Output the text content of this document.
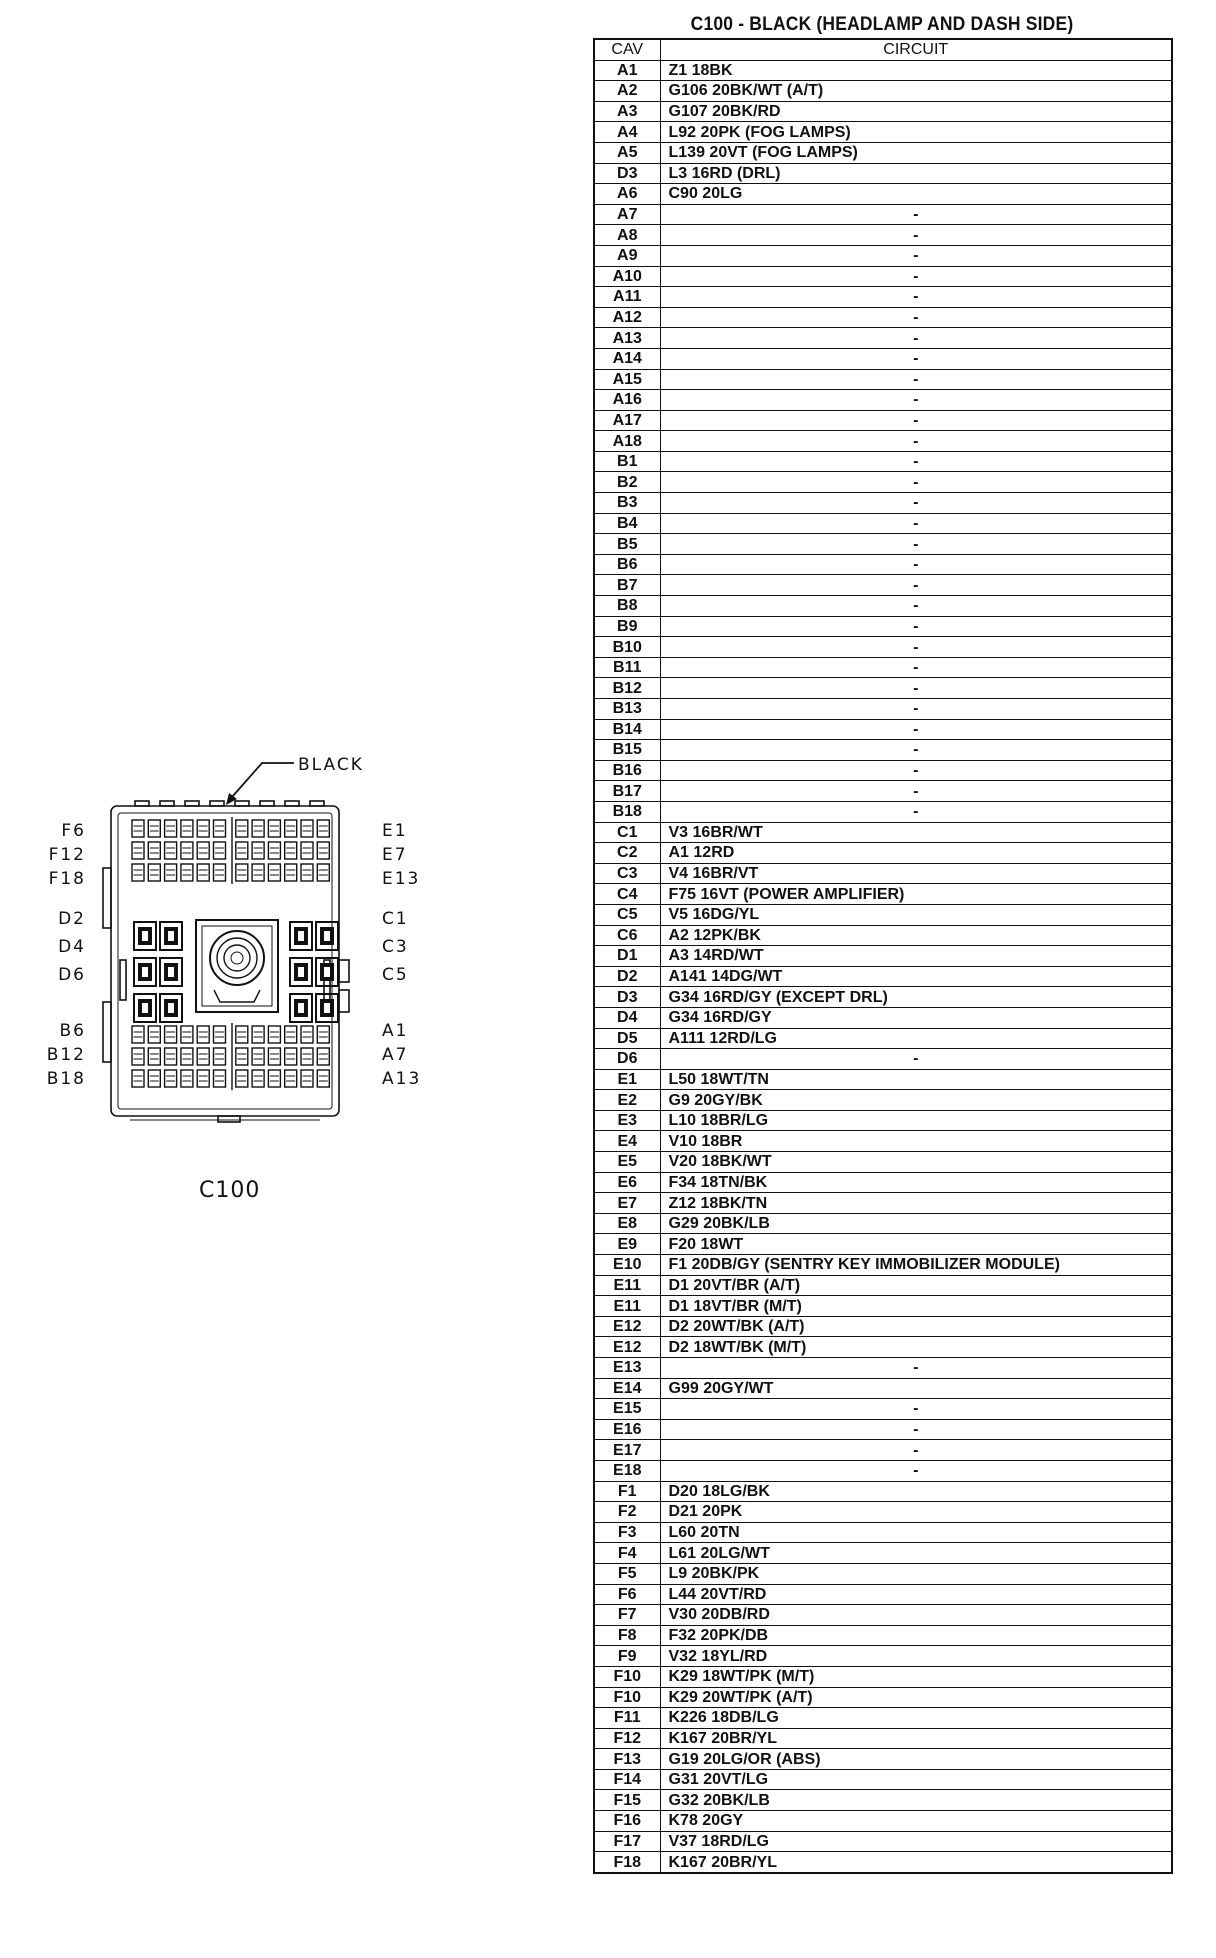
BLACK
F6
F12
F18
D2
D4
D6
B6
B12
B18
E1
E7
E13
C1
C3
C5
A1
A7
A13
C100
C100 - BLACK (HEADLAMP AND DASH SIDE)
CAV	CIRCUIT
A1	Z1 18BK
A2	G106 20BK/WT (A/T)
A3	G107 20BK/RD
A4	L92 20PK (FOG LAMPS)
A5	L139 20VT (FOG LAMPS)
D3	L3 16RD (DRL)
A6	C90 20LG
A7	-
A8	-
A9	-
A10	-
A11	-
A12	-
A13	-
A14	-
A15	-
A16	-
A17	-
A18	-
B1	-
B2	-
B3	-
B4	-
B5	-
B6	-
B7	-
B8	-
B9	-
B10	-
B11	-
B12	-
B13	-
B14	-
B15	-
B16	-
B17	-
B18	-
C1	V3 16BR/WT
C2	A1 12RD
C3	V4 16BR/VT
C4	F75 16VT (POWER AMPLIFIER)
C5	V5 16DG/YL
C6	A2 12PK/BK
D1	A3 14RD/WT
D2	A141 14DG/WT
D3	G34 16RD/GY (EXCEPT DRL)
D4	G34 16RD/GY
D5	A111 12RD/LG
D6	-
E1	L50 18WT/TN
E2	G9 20GY/BK
E3	L10 18BR/LG
E4	V10 18BR
E5	V20 18BK/WT
E6	F34 18TN/BK
E7	Z12 18BK/TN
E8	G29 20BK/LB
E9	F20 18WT
E10	F1 20DB/GY (SENTRY KEY IMMOBILIZER MODULE)
E11	D1 20VT/BR (A/T)
E11	D1 18VT/BR (M/T)
E12	D2 20WT/BK (A/T)
E12	D2 18WT/BK (M/T)
E13	-
E14	G99 20GY/WT
E15	-
E16	-
E17	-
E18	-
F1	D20 18LG/BK
F2	D21 20PK
F3	L60 20TN
F4	L61 20LG/WT
F5	L9 20BK/PK
F6	L44 20VT/RD
F7	V30 20DB/RD
F8	F32 20PK/DB
F9	V32 18YL/RD
F10	K29 18WT/PK (M/T)
F10	K29 20WT/PK (A/T)
F11	K226 18DB/LG
F12	K167 20BR/YL
F13	G19 20LG/OR (ABS)
F14	G31 20VT/LG
F15	G32 20BK/LB
F16	K78 20GY
F17	V37 18RD/LG
F18	K167 20BR/YL
